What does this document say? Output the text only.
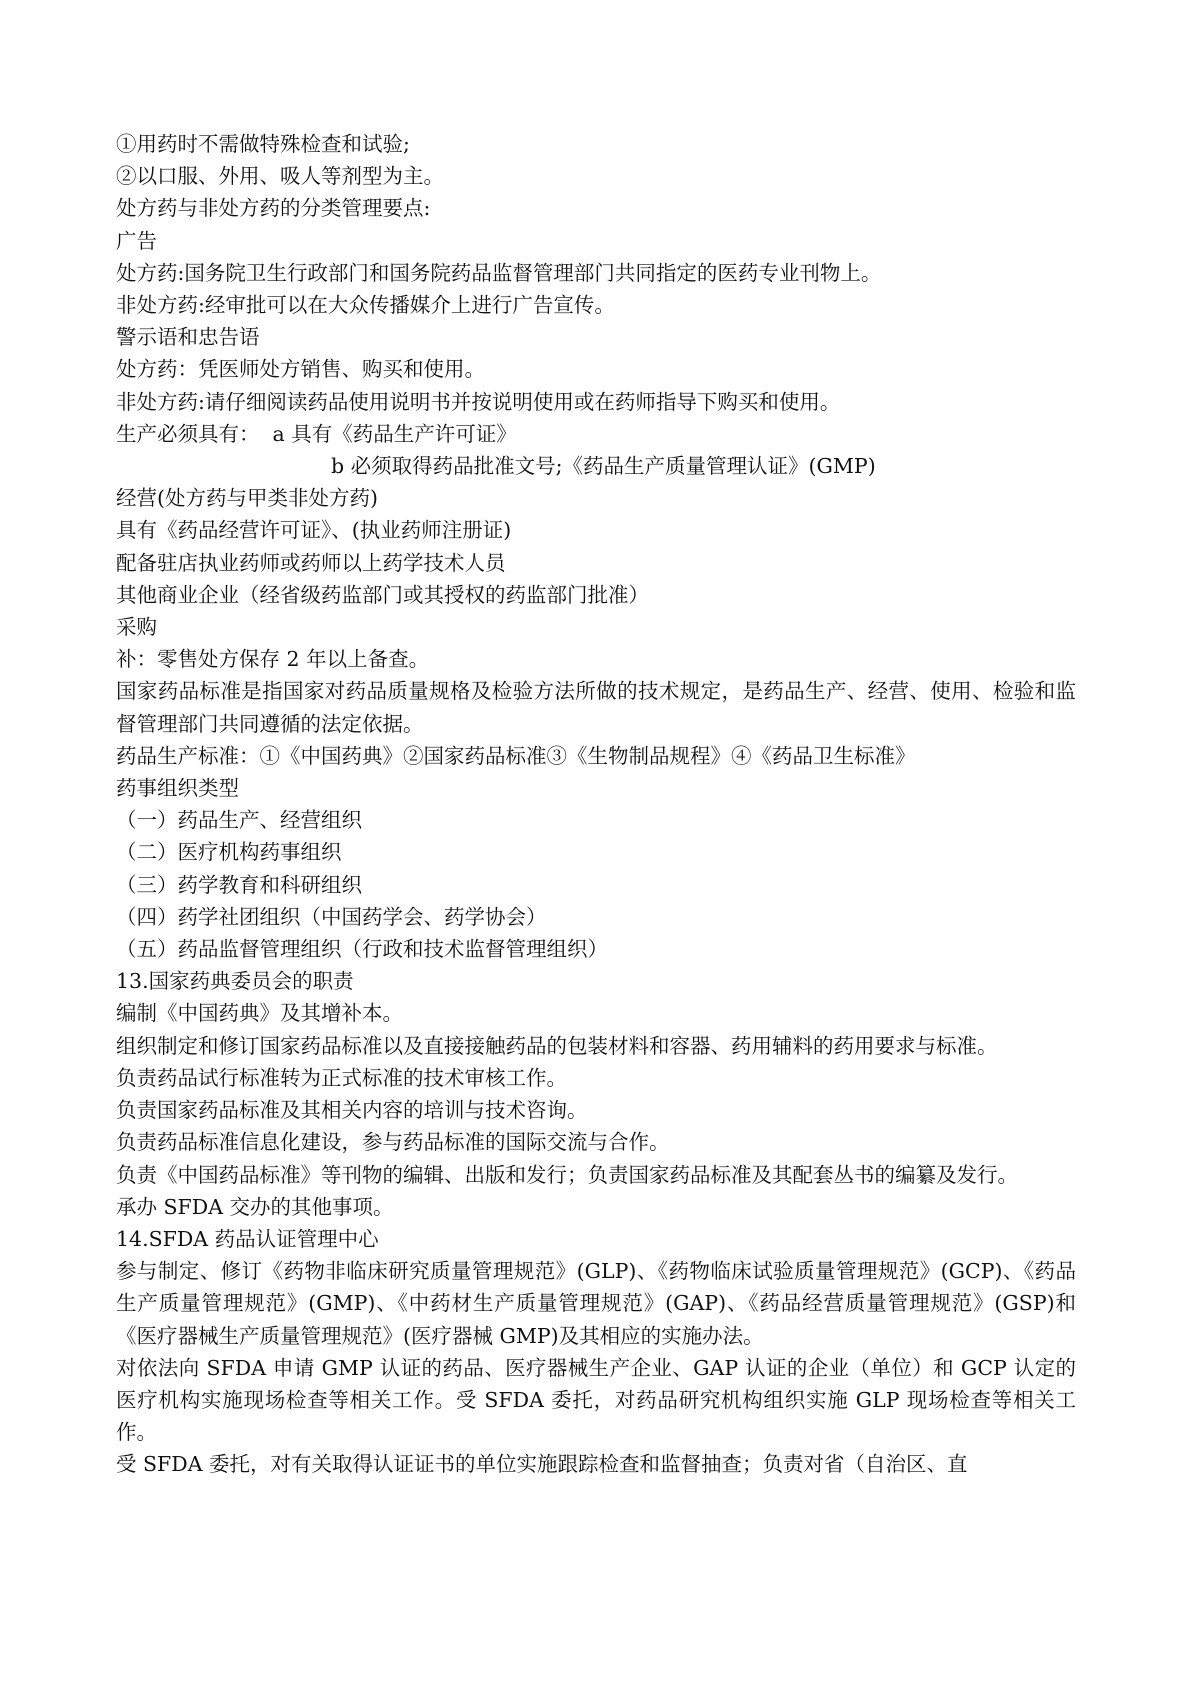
①用药时不需做特殊检查和试验;

②以口服、外用、吸人等剂型为主。

处方药与非处方药的分类管理要点:

广告

处方药:国务院卫生行政部门和国务院药品监督管理部门共同指定的医药专业刊物上。

非处方药:经审批可以在大众传播媒介上进行广告宣传。

警示语和忠告语

处方药：凭医师处方销售、购买和使用。

非处方药:请仔细阅读药品使用说明书并按说明使用或在药师指导下购买和使用。

生产必须具有：  a 具有《药品生产许可证》

b 必须取得药品批准文号;《药品生产质量管理认证》(GMP)

经营(处方药与甲类非处方药)

具有《药品经营许可证》、(执业药师注册证)

配备驻店执业药师或药师以上药学技术人员

其他商业企业（经省级药监部门或其授权的药监部门批准）

采购

补：零售处方保存 2 年以上备查。

国家药品标准是指国家对药品质量规格及检验方法所做的技术规定，是药品生产、经营、使用、检验和监督管理部门共同遵循的法定依据。

药品生产标准：①《中国药典》②国家药品标准③《生物制品规程》④《药品卫生标准》

药事组织类型

（一）药品生产、经营组织

（二）医疗机构药事组织

（三）药学教育和科研组织

（四）药学社团组织（中国药学会、药学协会）

（五）药品监督管理组织（行政和技术监督管理组织）

13.国家药典委员会的职责

编制《中国药典》及其增补本。

组织制定和修订国家药品标准以及直接接触药品的包装材料和容器、药用辅料的药用要求与标准。

负责药品试行标准转为正式标准的技术审核工作。

负责国家药品标准及其相关内容的培训与技术咨询。

负责药品标准信息化建设，参与药品标准的国际交流与合作。

负责《中国药品标准》等刊物的编辑、出版和发行；负责国家药品标准及其配套丛书的编纂及发行。

承办 SFDA 交办的其他事项。

14.SFDA 药品认证管理中心

参与制定、修订《药物非临床研究质量管理规范》(GLP)、《药物临床试验质量管理规范》(GCP)、《药品生产质量管理规范》(GMP)、《中药材生产质量管理规范》(GAP)、《药品经营质量管理规范》(GSP)和《医疗器械生产质量管理规范》(医疗器械 GMP)及其相应的实施办法。

对依法向 SFDA 申请 GMP 认证的药品、医疗器械生产企业、GAP 认证的企业（单位）和 GCP 认定的医疗机构实施现场检查等相关工作。受 SFDA 委托，对药品研究机构组织实施 GLP 现场检查等相关工作。

受 SFDA 委托，对有关取得认证证书的单位实施跟踪检查和监督抽查；负责对省（自治区、直
